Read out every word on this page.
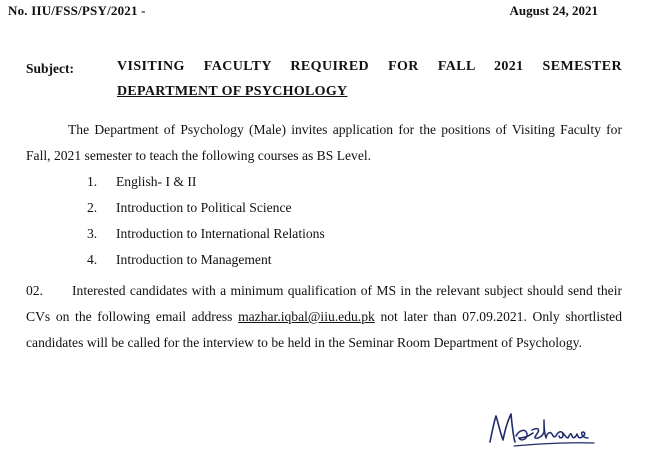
No. IIU/FSS/PSY/2021 -	August 24, 2021
Subject:	VISITING FACULTY REQUIRED FOR FALL 2021 SEMESTER
DEPARTMENT OF PSYCHOLOGY
The Department of Psychology (Male) invites application for the positions of Visiting Faculty for Fall, 2021 semester to teach the following courses as BS Level.
1. English- I & II
2. Introduction to Political Science
3. Introduction to International Relations
4. Introduction to Management
02. Interested candidates with a minimum qualification of MS in the relevant subject should send their CVs on the following email address mazhar.iqbal@iiu.edu.pk not later than 07.09.2021. Only shortlisted candidates will be called for the interview to be held in the Seminar Room Department of Psychology.
